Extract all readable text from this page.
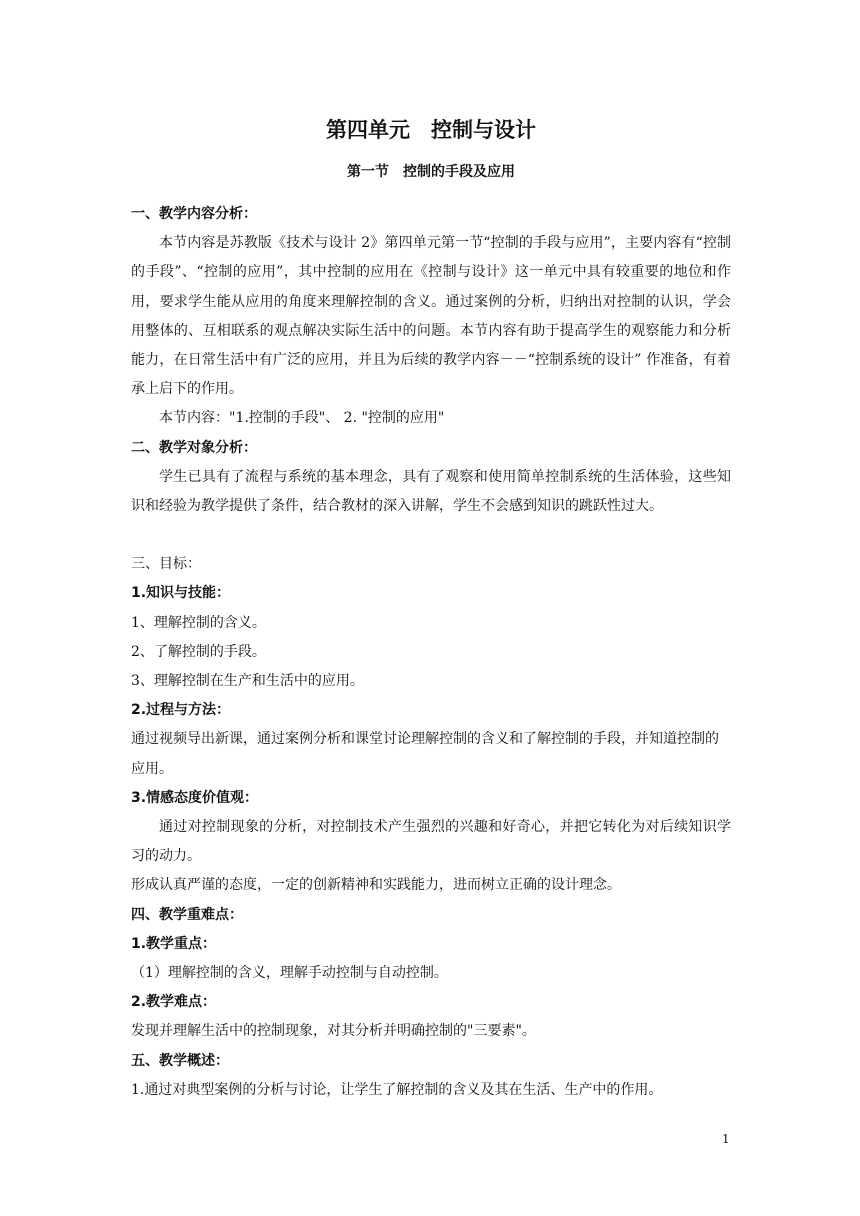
第四单元　控制与设计
第一节　控制的手段及应用

一、教学内容分析：

本节内容是苏教版《技术与设计 2》第四单元第一节“控制的手段与应用”，主要内容有“控制的手段”、“控制的应用”，其中控制的应用在《控制与设计》这一单元中具有较重要的地位和作用，要求学生能从应用的角度来理解控制的含义。通过案例的分析，归纳出对控制的认识，学会用整体的、互相联系的观点解决实际生活中的问题。本节内容有助于提高学生的观察能力和分析能力，在日常生活中有广泛的应用，并且为后续的教学内容－－“控制系统的设计” 作准备，有着承上启下的作用。

本节内容："1.控制的手段"、 2. "控制的应用"

二、教学对象分析：

学生已具有了流程与系统的基本理念，具有了观察和使用简单控制系统的生活体验，这些知识和经验为教学提供了条件，结合教材的深入讲解，学生不会感到知识的跳跃性过大。

三、目标：

1.知识与技能：

1、理解控制的含义。

2、了解控制的手段。

3、理解控制在生产和生活中的应用。

2.过程与方法：

通过视频导出新课，通过案例分析和课堂讨论理解控制的含义和了解控制的手段，并知道控制的应用。

3.情感态度价值观：

通过对控制现象的分析，对控制技术产生强烈的兴趣和好奇心，并把它转化为对后续知识学习的动力。

形成认真严谨的态度，一定的创新精神和实践能力，进而树立正确的设计理念。

四、教学重难点：

1.教学重点：

（1）理解控制的含义，理解手动控制与自动控制。

2.教学难点：

发现并理解生活中的控制现象，对其分析并明确控制的"三要素"。

五、教学概述：

1.通过对典型案例的分析与讨论，让学生了解控制的含义及其在生活、生产中的作用。

1
